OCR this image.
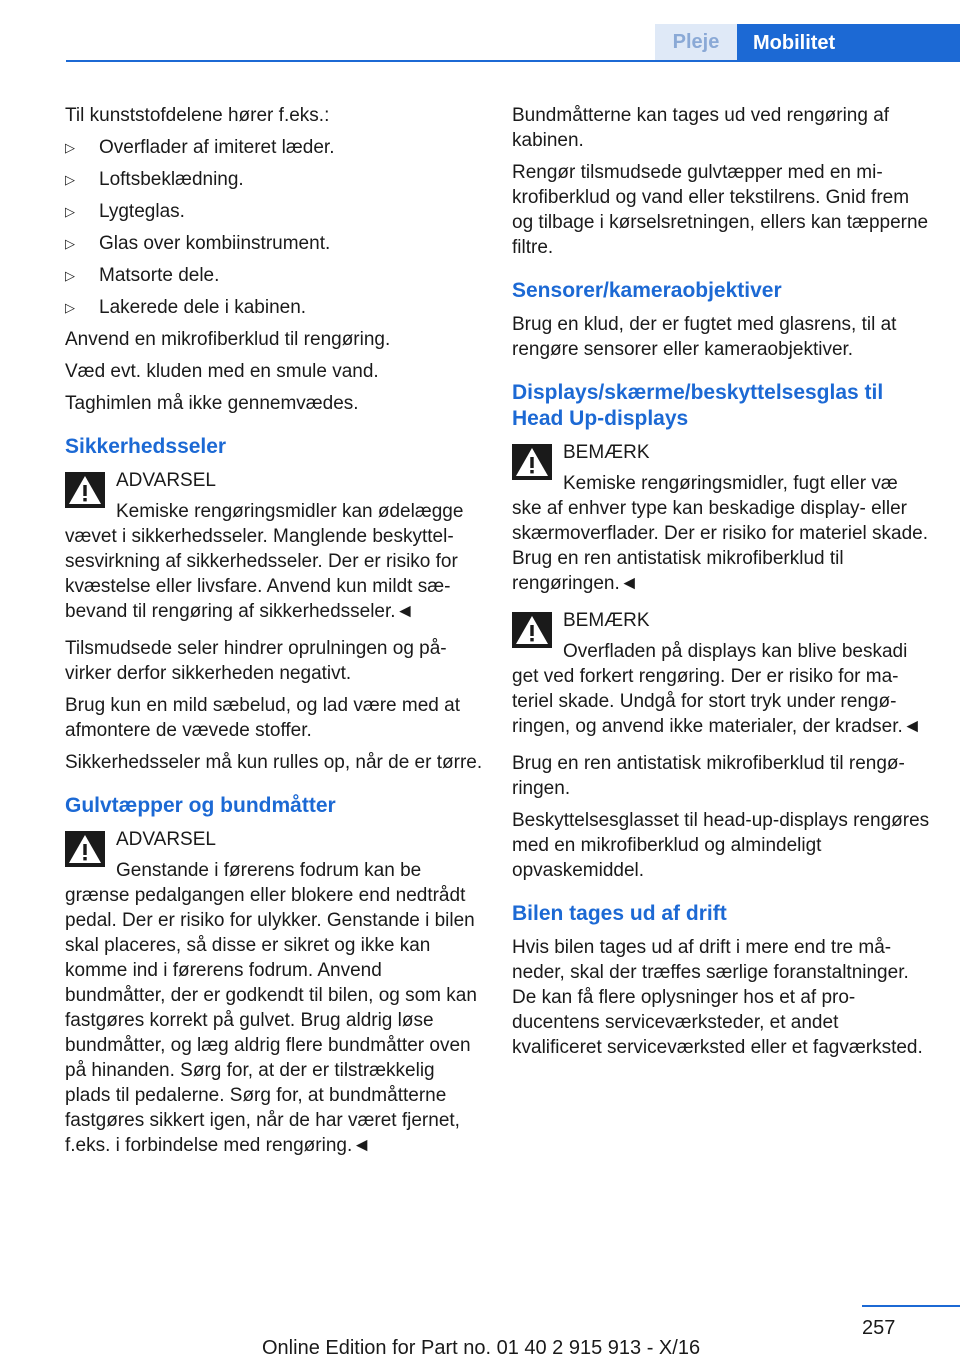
Pleje	Mobilitet

Til kunststofdelene hører f.eks.:

▷ Overflader af imiteret læder.
▷ Loftsbeklædning.
▷ Lygteglas.
▷ Glas over kombiinstrument.
▷ Matsorte dele.
▷ Lakerede dele i kabinen.

Anvend en mikrofiberklud til rengøring.

Væd evt. kluden med en smule vand.

Taghimlen må ikke gennemvædes.

Sikkerhedsseler
ADVARSEL
Kemiske rengøringsmidler kan ødelægge
vævet i sikkerhedsseler. Manglende beskyttelsesvirkning af sikkerhedsseler. Der er risiko for kvæstelse eller livsfare. Anvend kun mildt sæbevand til rengøring af sikkerhedsseler.◄

Tilsmudsede seler hindrer oprulningen og påvirker derfor sikkerheden negativt.

Brug kun en mild sæbelud, og lad være med at afmontere de vævede stoffer.

Sikkerhedsseler må kun rulles op, når de er tørre.

Gulvtæpper og bundmåtter
ADVARSEL
Genstande i førerens fodrum kan be
grænse pedalgangen eller blokere end nedtrådt pedal. Der er risiko for ulykker. Genstande i bilen skal placeres, så disse er sikret og ikke kan komme ind i førerens fodrum. Anvend bundmåtter, der er godkendt til bilen, og som kan fastgøres korrekt på gulvet. Brug aldrig løse bundmåtter, og læg aldrig flere bundmåtter oven på hinanden. Sørg for, at der er tilstrækkelig plads til pedalerne. Sørg for, at bundmåtterne fastgøres sikkert igen, når de har været fjernet, f.eks. i forbindelse med rengøring.◄

Bundmåtterne kan tages ud ved rengøring af kabinen.

Rengør tilsmudsede gulvtæpper med en mikrofiberklud og vand eller tekstilrens. Gnid frem og tilbage i kørselsretningen, ellers kan tæpperne filtre.

Sensorer/kameraobjektiver

Brug en klud, der er fugtet med glasrens, til at rengøre sensorer eller kameraobjektiver.

Displays/skærme/beskyttelsesglas til Head Up-displays
BEMÆRK
Kemiske rengøringsmidler, fugt eller væ
ske af enhver type kan beskadige display- eller skærmoverflader. Der er risiko for materiel skade. Brug en ren antistatisk mikrofiberklud til rengøringen.◄
BEMÆRK
Overfladen på displays kan blive beskadi
get ved forkert rengøring. Der er risiko for materiel skade. Undgå for stort tryk under rengøringen, og anvend ikke materialer, der kradser.◄

Brug en ren antistatisk mikrofiberklud til rengøringen.

Beskyttelsesglasset til head-up-displays rengøres med en mikrofiberklud og almindeligt opvaskemiddel.

Bilen tages ud af drift

Hvis bilen tages ud af drift i mere end tre måneder, skal der træffes særlige foranstaltninger. De kan få flere oplysninger hos et af producentens serviceværksteder, et andet kvalificeret serviceværksted eller et fagværksted.

257
Online Edition for Part no. 01 40 2 915 913 - X/16
